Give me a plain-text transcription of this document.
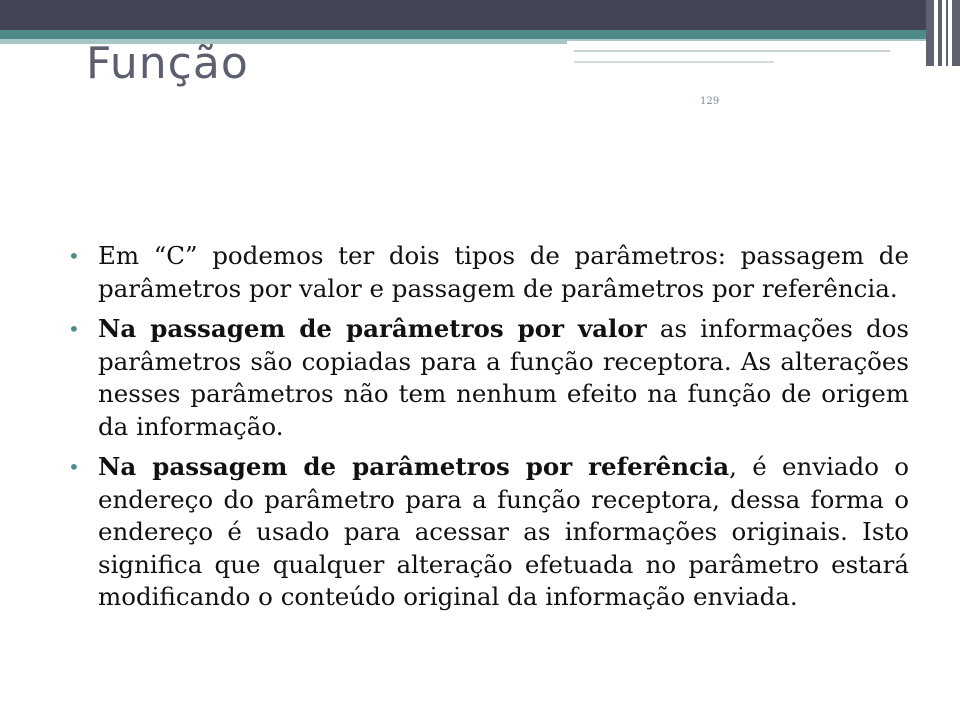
Função
129
• Em “C” podemos ter dois tipos de parâmetros: passagem de parâmetros por valor e passagem de parâmetros por referência.
• Na passagem de parâmetros por valor as informações dos parâmetros são copiadas para a função receptora. As alterações nesses parâmetros não tem nenhum efeito na função de origem da informação.
• Na passagem de parâmetros por referência, é enviado o endereço do parâmetro para a função receptora, dessa forma o endereço é usado para acessar as informações originais. Isto significa que qualquer alteração efetuada no parâmetro estará modificando o conteúdo original da informação enviada.
